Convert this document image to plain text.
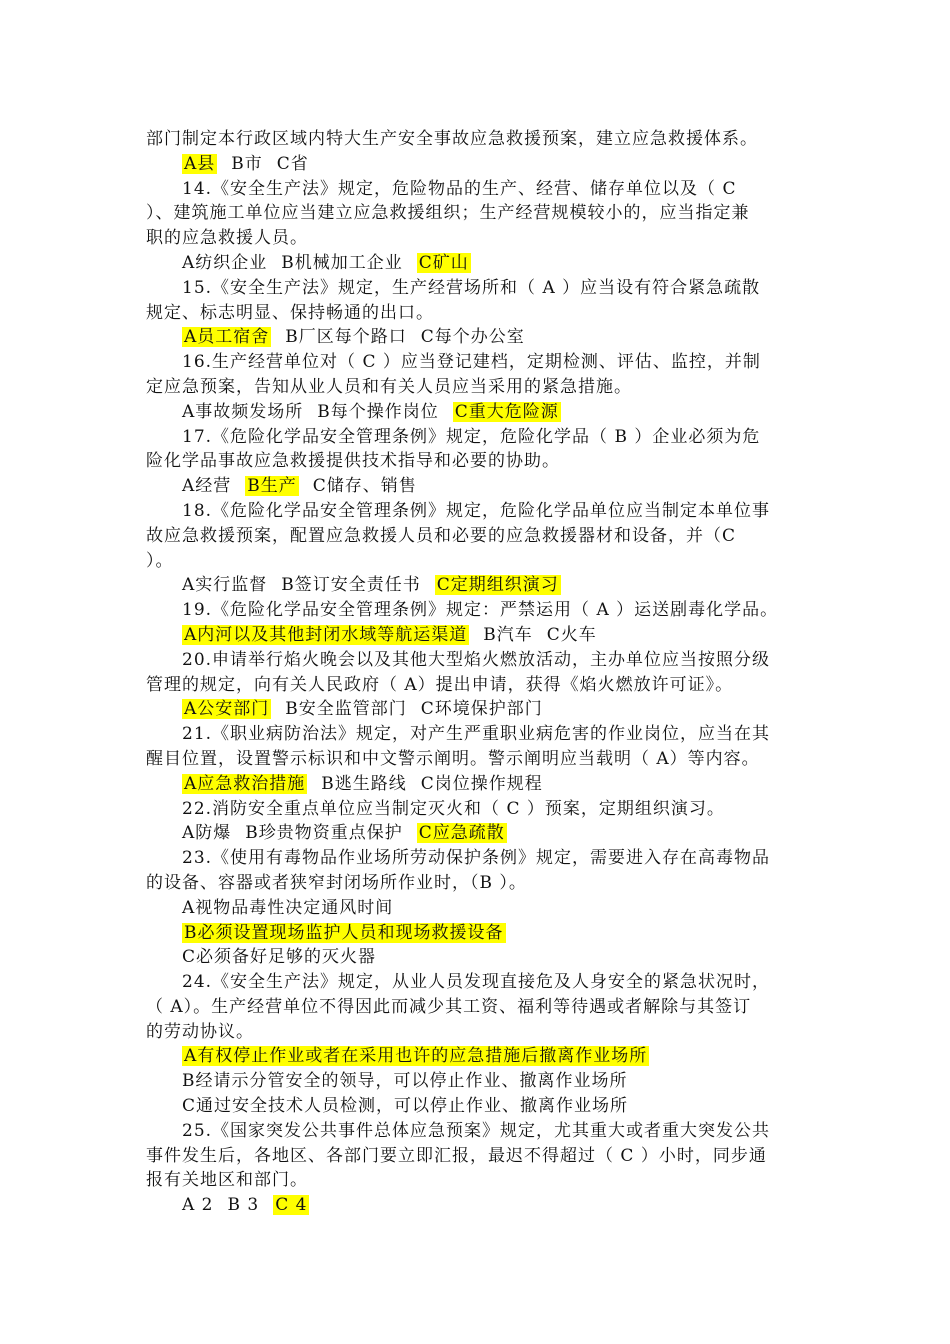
部门制定本行政区域内特大生产安全事故应急救援预案，建立应急救援体系。
A县 B市 C省
14.《安全生产法》规定，危险物品的生产、经营、储存单位以及（ C
）、建筑施工单位应当建立应急救援组织；生产经营规模较小的，应当指定兼
职的应急救援人员。
A纺织企业 B机械加工企业 C矿山
15.《安全生产法》规定，生产经营场所和（ A ）应当设有符合紧急疏散
规定、标志明显、保持畅通的出口。
A员工宿舍 B厂区每个路口 C每个办公室
16.生产经营单位对（ C ）应当登记建档，定期检测、评估、监控，并制
定应急预案，告知从业人员和有关人员应当采用的紧急措施。
A事故频发场所 B每个操作岗位 C重大危险源
17.《危险化学品安全管理条例》规定，危险化学品（ B ）企业必须为危
险化学品事故应急救援提供技术指导和必要的协助。
A经营 B生产 C储存、销售
18.《危险化学品安全管理条例》规定，危险化学品单位应当制定本单位事
故应急救援预案，配置应急救援人员和必要的应急救援器材和设备，并（C
）。
A实行监督 B签订安全责任书 C定期组织演习
19.《危险化学品安全管理条例》规定：严禁运用（ A ）运送剧毒化学品。
A内河以及其他封闭水域等航运渠道 B汽车 C火车
20.申请举行焰火晚会以及其他大型焰火燃放活动，主办单位应当按照分级
管理的规定，向有关人民政府（ A）提出申请，获得《焰火燃放许可证》。
A公安部门 B安全监管部门 C环境保护部门
21.《职业病防治法》规定，对产生严重职业病危害的作业岗位，应当在其
醒目位置，设置警示标识和中文警示阐明。警示阐明应当载明（ A）等内容。
A应急救治措施 B逃生路线 C岗位操作规程
22.消防安全重点单位应当制定灭火和（ C ）预案，定期组织演习。
A防爆 B珍贵物资重点保护 C应急疏散
23.《使用有毒物品作业场所劳动保护条例》规定，需要进入存在高毒物品
的设备、容器或者狭窄封闭场所作业时，（B ）。
A视物品毒性决定通风时间
B必须设置现场监护人员和现场救援设备
C必须备好足够的灭火器
24.《安全生产法》规定，从业人员发现直接危及人身安全的紧急状况时，
（ A）。生产经营单位不得因此而减少其工资、福利等待遇或者解除与其签订
的劳动协议。
A有权停止作业或者在采用也许的应急措施后撤离作业场所
B经请示分管安全的领导，可以停止作业、撤离作业场所
C通过安全技术人员检测，可以停止作业、撤离作业场所
25.《国家突发公共事件总体应急预案》规定，尤其重大或者重大突发公共
事件发生后，各地区、各部门要立即汇报，最迟不得超过（ C ）小时，同步通
报有关地区和部门。
A 2 B 3 C 4
